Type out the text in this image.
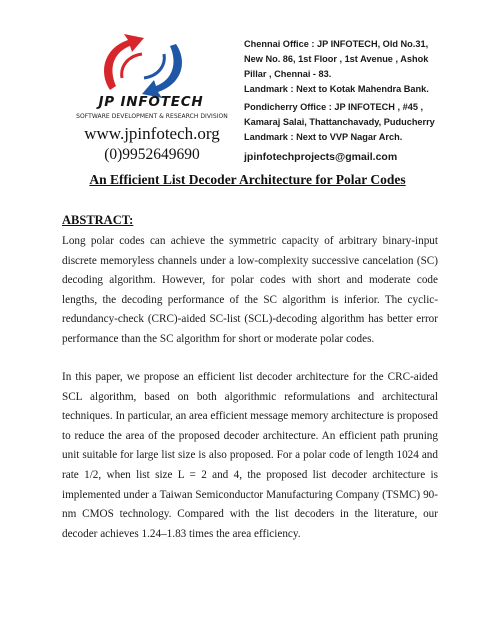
JP INFOTECH
SOFTWARE DEVELOPMENT & RESEARCH DIVISION
www.jpinfotech.org
(0)9952649690
Chennai Office : JP INFOTECH, Old No.31,
New No. 86, 1st Floor , 1st Avenue , Ashok
Pillar , Chennai - 83.
Landmark : Next to Kotak Mahendra Bank.
Pondicherry Office : JP INFOTECH , #45 ,
Kamaraj Salai, Thattanchavady, Puducherry
Landmark : Next to VVP Nagar Arch.
jpinfotechprojects@gmail.com
An Efficient List Decoder Architecture for Polar Codes
ABSTRACT:

Long polar codes can achieve the symmetric capacity of arbitrary binary-input discrete memoryless channels under a low-complexity successive cancelation (SC) decoding algorithm. However, for polar codes with short and moderate code lengths, the decoding performance of the SC algorithm is inferior. The cyclic-redundancy-check (CRC)-aided SC-list (SCL)-decoding algorithm has better error performance than the SC algorithm for short or moderate polar codes.

In this paper, we propose an efficient list decoder architecture for the CRC-aided SCL algorithm, based on both algorithmic reformulations and architectural techniques. In particular, an area efficient message memory architecture is proposed to reduce the area of the proposed decoder architecture. An efficient path pruning unit suitable for large list size is also proposed. For a polar code of length 1024 and rate 1/2, when list size L = 2 and 4, the proposed list decoder architecture is implemented under a Taiwan Semiconductor Manufacturing Company (TSMC) 90-nm CMOS technology. Compared with the list decoders in the literature, our decoder achieves 1.24–1.83 times the area efficiency.
